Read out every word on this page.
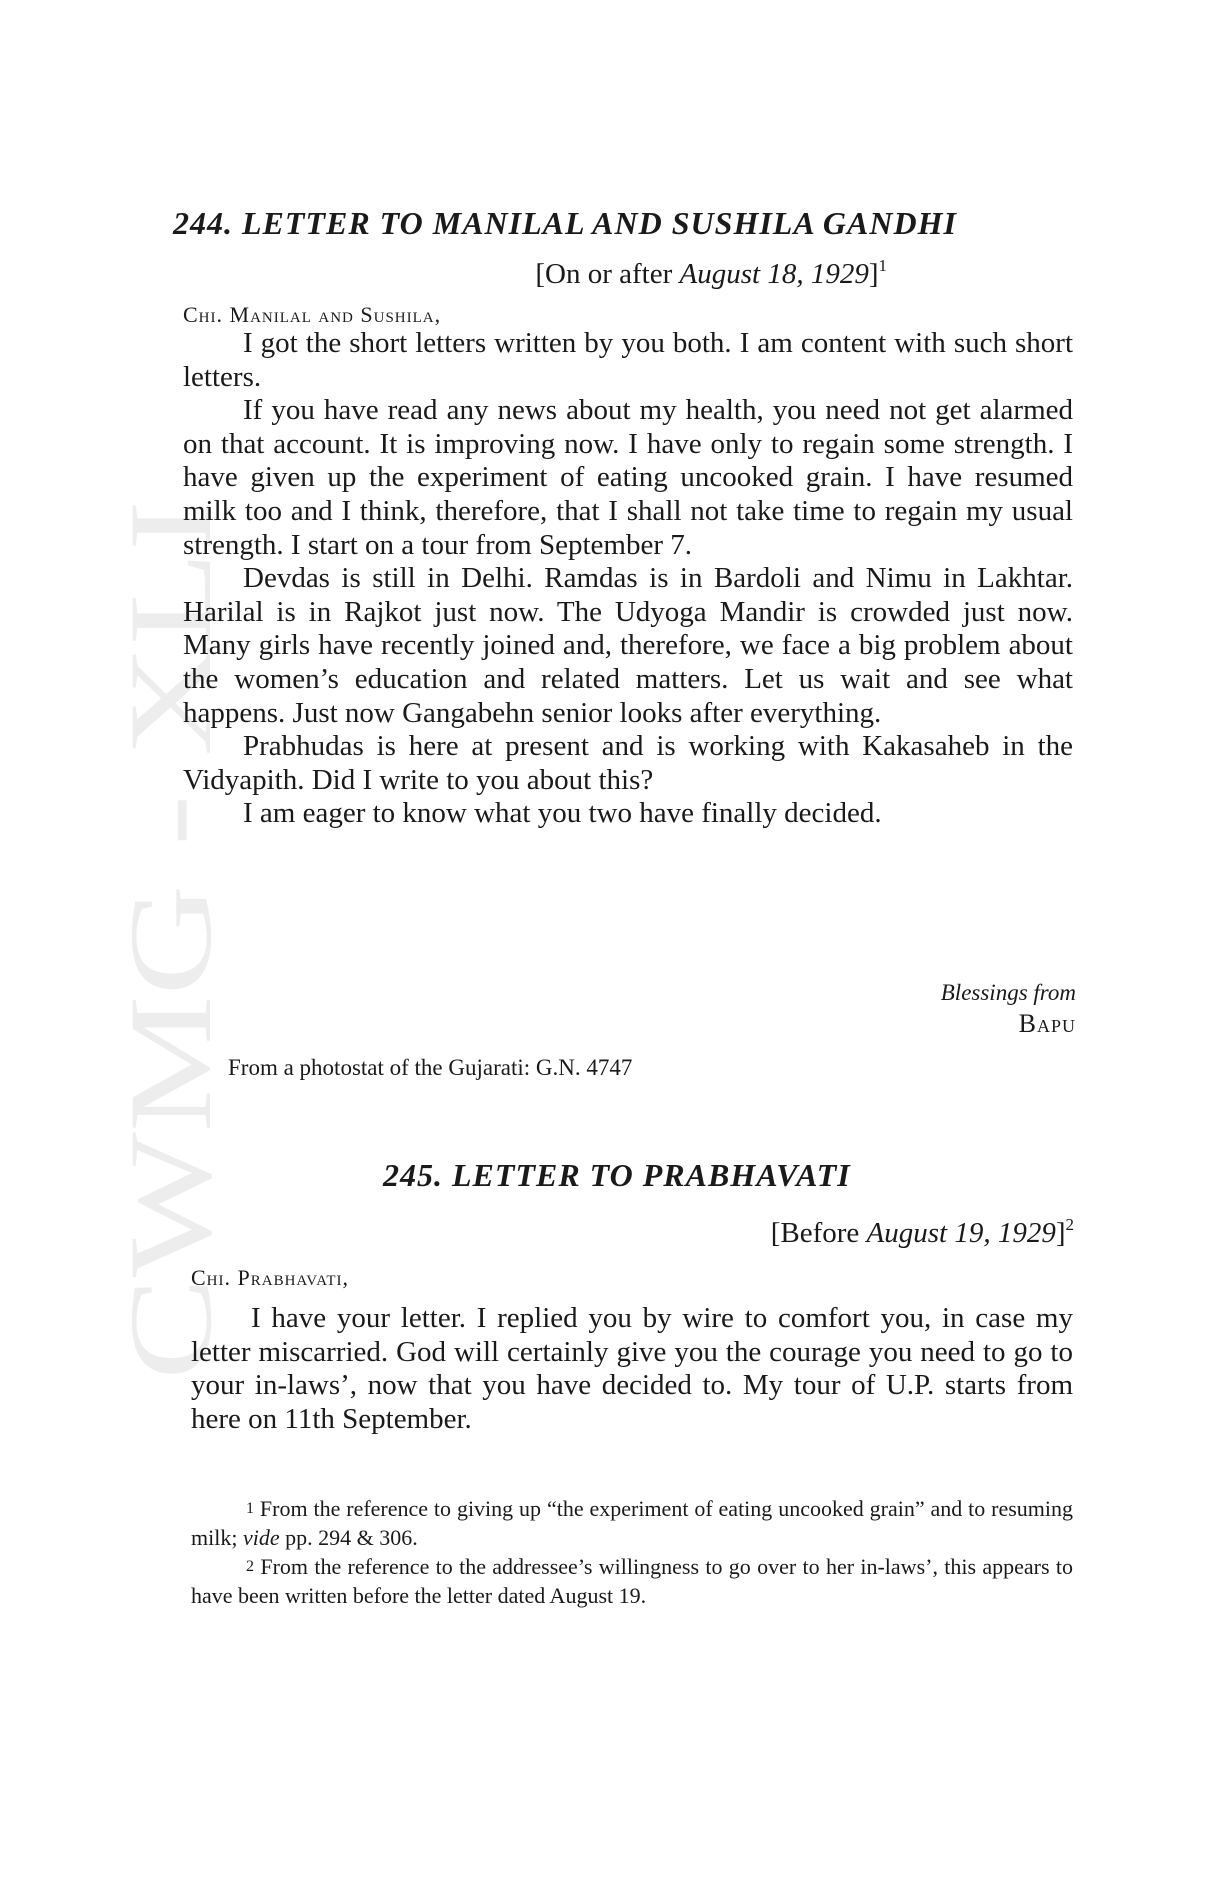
CWMG - XLI
244. LETTER TO MANILAL AND SUSHILA GANDHI
[On or after August 18, 1929]$^1$
Chi. Manilal and Sushila,

I got the short letters written by you both. I am content with such short letters.

If you have read any news about my health, you need not get alarmed on that account. It is improving now. I have only to regain some strength. I have given up the experiment of eating uncooked grain. I have resumed milk too and I think, therefore, that I shall not take time to regain my usual strength. I start on a tour from September 7.

Devdas is still in Delhi. Ramdas is in Bardoli and Nimu in Lakhtar. Harilal is in Rajkot just now. The Udyoga Mandir is crowded just now. Many girls have recently joined and, therefore, we face a big problem about the women’s education and related matters. Let us wait and see what happens. Just now Gangabehn senior looks after everything.

Prabhudas is here at present and is working with Kakasaheb in the Vidyapith. Did I write to you about this?

I am eager to know what you two have finally decided.

Blessings from
Bapu
From a photostat of the Gujarati: G.N. 4747
245. LETTER TO PRABHAVATI
[Before August 19, 1929]$^2$
Chi. Prabhavati,

I have your letter. I replied you by wire to comfort you, in case my letter miscarried. God will certainly give you the courage you need to go to your in-laws’, now that you have decided to. My tour of U.P. starts from here on 11th September.

$^1$ From the reference to giving up “the experiment of eating uncooked grain” and to resuming milk; vide pp. 294 & 306.

$^2$ From the reference to the addressee’s willingness to go over to her in-laws’, this appears to have been written before the letter dated August 19.
